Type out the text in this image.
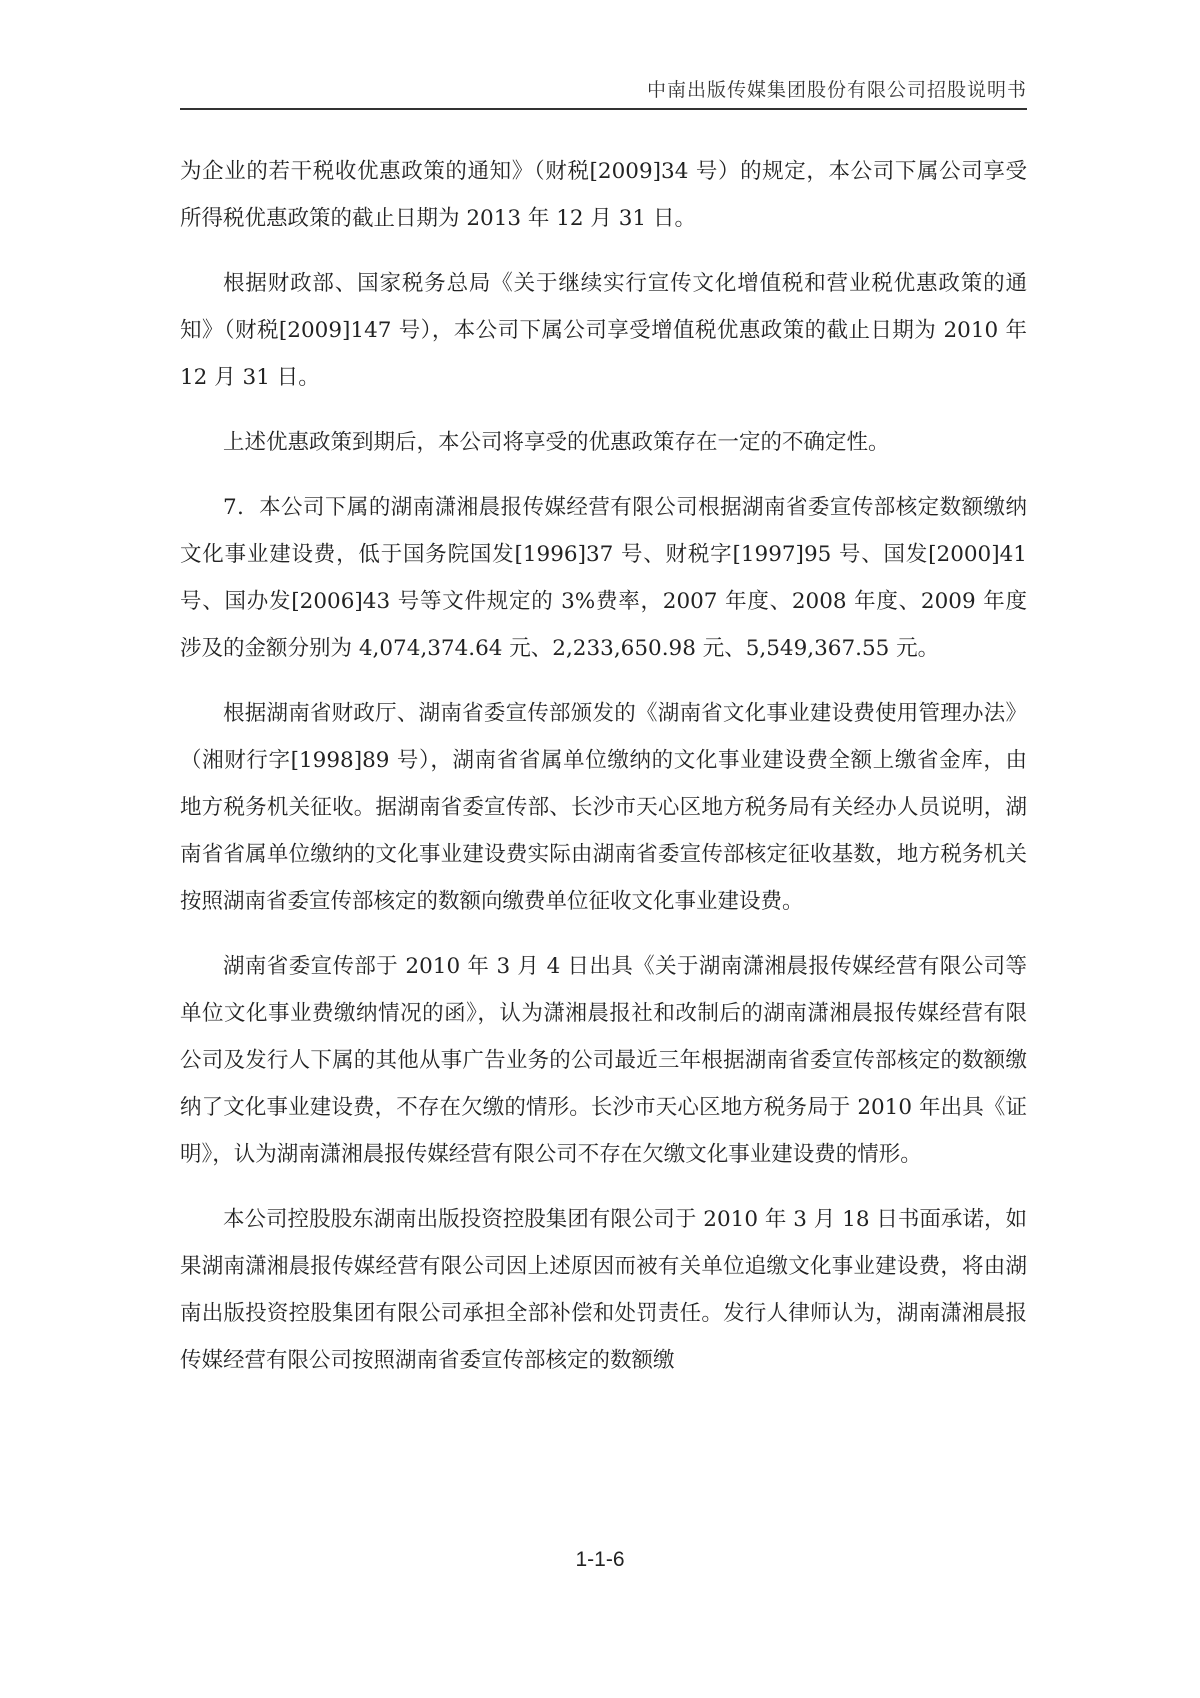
中南出版传媒集团股份有限公司招股说明书

为企业的若干税收优惠政策的通知》（财税[2009]34 号）的规定，本公司下属公司享受所得税优惠政策的截止日期为 2013 年 12 月 31 日。

根据财政部、国家税务总局《关于继续实行宣传文化增值税和营业税优惠政策的通知》（财税[2009]147 号），本公司下属公司享受增值税优惠政策的截止日期为 2010 年 12 月 31 日。

上述优惠政策到期后，本公司将享受的优惠政策存在一定的不确定性。

7．本公司下属的湖南潇湘晨报传媒经营有限公司根据湖南省委宣传部核定数额缴纳文化事业建设费，低于国务院国发[1996]37 号、财税字[1997]95 号、国发[2000]41 号、国办发[2006]43 号等文件规定的 3%费率，2007 年度、2008 年度、2009 年度涉及的金额分别为 4,074,374.64 元、2,233,650.98 元、5,549,367.55 元。

根据湖南省财政厅、湖南省委宣传部颁发的《湖南省文化事业建设费使用管理办法》（湘财行字[1998]89 号），湖南省省属单位缴纳的文化事业建设费全额上缴省金库，由地方税务机关征收。据湖南省委宣传部、长沙市天心区地方税务局有关经办人员说明，湖南省省属单位缴纳的文化事业建设费实际由湖南省委宣传部核定征收基数，地方税务机关按照湖南省委宣传部核定的数额向缴费单位征收文化事业建设费。

湖南省委宣传部于 2010 年 3 月 4 日出具《关于湖南潇湘晨报传媒经营有限公司等单位文化事业费缴纳情况的函》，认为潇湘晨报社和改制后的湖南潇湘晨报传媒经营有限公司及发行人下属的其他从事广告业务的公司最近三年根据湖南省委宣传部核定的数额缴纳了文化事业建设费，不存在欠缴的情形。长沙市天心区地方税务局于 2010 年出具《证明》，认为湖南潇湘晨报传媒经营有限公司不存在欠缴文化事业建设费的情形。

本公司控股股东湖南出版投资控股集团有限公司于 2010 年 3 月 18 日书面承诺，如果湖南潇湘晨报传媒经营有限公司因上述原因而被有关单位追缴文化事业建设费，将由湖南出版投资控股集团有限公司承担全部补偿和处罚责任。发行人律师认为，湖南潇湘晨报传媒经营有限公司按照湖南省委宣传部核定的数额缴

1-1-6
